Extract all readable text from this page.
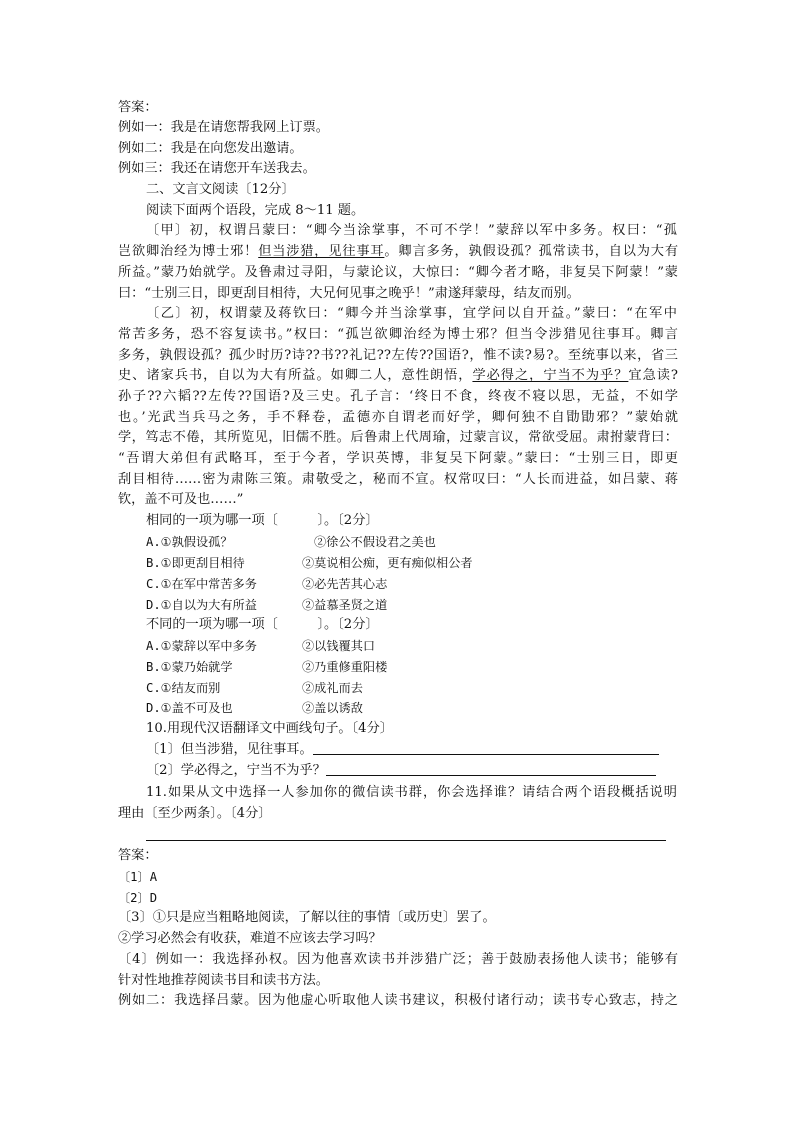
答案：
例如一：我是在请您帮我网上订票。
例如二：我是在向您发出邀请。
例如三：我还在请您开车送我去。
二、文言文阅读〔12分〕
阅读下面两个语段，完成 8～11 题。
〔甲〕初，权谓吕蒙曰：“卿今当涂掌事，不可不学！”蒙辞以军中多务。权曰：“孤
岂欲卿治经为博士邪！但当涉猎，见往事耳。卿言多务，孰假设孤？孤常读书，自以为大有
所益。”蒙乃始就学。及鲁肃过寻阳，与蒙论议，大惊曰：“卿今者才略，非复吴下阿蒙！”蒙
曰：“士别三日，即更刮目相待，大兄何见事之晚乎！”肃遂拜蒙母，结友而别。
〔乙〕初，权谓蒙及蒋钦曰：“卿今并当涂掌事，宜学问以自开益。”蒙曰：“在军中
常苦多务，恐不容复读书。”权曰：“孤岂欲卿治经为博士邪？但当令涉猎见往事耳。卿言
多务，孰假设孤？孤少时历?诗??书??礼记??左传??国语?，惟不读?易?。至统事以来，省三
史、诸家兵书，自以为大有所益。如卿二人，意性朗悟，学必得之，宁当不为乎？宜急读?
孙子??六韬??左传??国语?及三史。孔子言：‘终日不食，终夜不寝以思，无益，不如学
也。’光武当兵马之务，手不释卷，孟德亦自谓老而好学，卿何独不自勖勖邪？”蒙始就
学，笃志不倦，其所览见，旧儒不胜。后鲁肃上代周瑜，过蒙言议，常欲受屈。肃拊蒙背曰：
“吾谓大弟但有武略耳，至于今者，学识英博，非复吴下阿蒙。”蒙曰：“士别三日，即更
刮目相待……密为肃陈三策。肃敬受之，秘而不宣。权常叹曰：“人长而进益，如吕蒙、蒋
钦，盖不可及也……”
相同的一项为哪一项〔　　　〕。〔2分〕
A.①孰假设孤？	②徐公不假设君之美也
B.①即更刮目相待	②莫说相公痴，更有痴似相公者
C.①在军中常苦多务	②必先苦其心志
D.①自以为大有所益	②益慕圣贤之道
不同的一项为哪一项〔　　　〕。〔2分〕
A.①蒙辞以军中多务	②以钱覆其口
B.①蒙乃始就学	②乃重修重阳楼
C.①结友而别	②成礼而去
D.①盖不可及也	②盖以诱敌
10.用现代汉语翻译文中画线句子。〔4分〕
〔1〕但当涉猎，见往事耳。
〔2〕学必得之，宁当不为乎？
11.如果从文中选择一人参加你的微信读书群，你会选择谁？请结合两个语段概括说明
理由〔至少两条〕。〔4分〕
答案：
〔1〕A
〔2〕D
〔3〕①只是应当粗略地阅读，了解以往的事情〔或历史〕罢了。
②学习必然会有收获，难道不应该去学习吗？
〔4〕例如一：我选择孙权。因为他喜欢读书并涉猎广泛；善于鼓励表扬他人读书；能够有
针对性地推荐阅读书目和读书方法。
例如二：我选择吕蒙。因为他虚心听取他人读书建议，积极付诸行动；读书专心致志，持之
